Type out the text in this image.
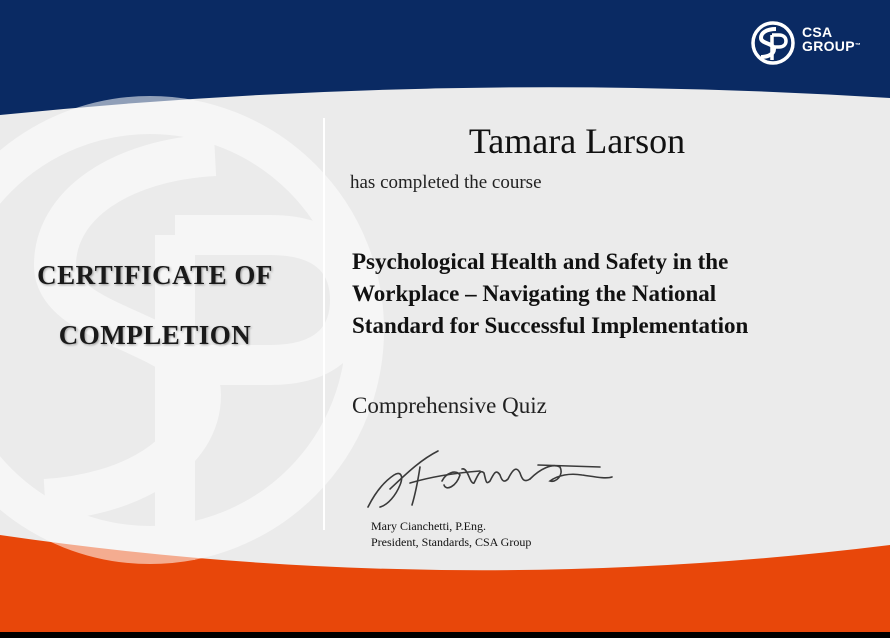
CSA
GROUP™
CERTIFICATE OF
COMPLETION
Tamara Larson
has completed the course
Psychological Health and Safety in the
Workplace – Navigating the National
Standard for Successful Implementation
Comprehensive Quiz
Mary Cianchetti, P.Eng.
President, Standards, CSA Group
